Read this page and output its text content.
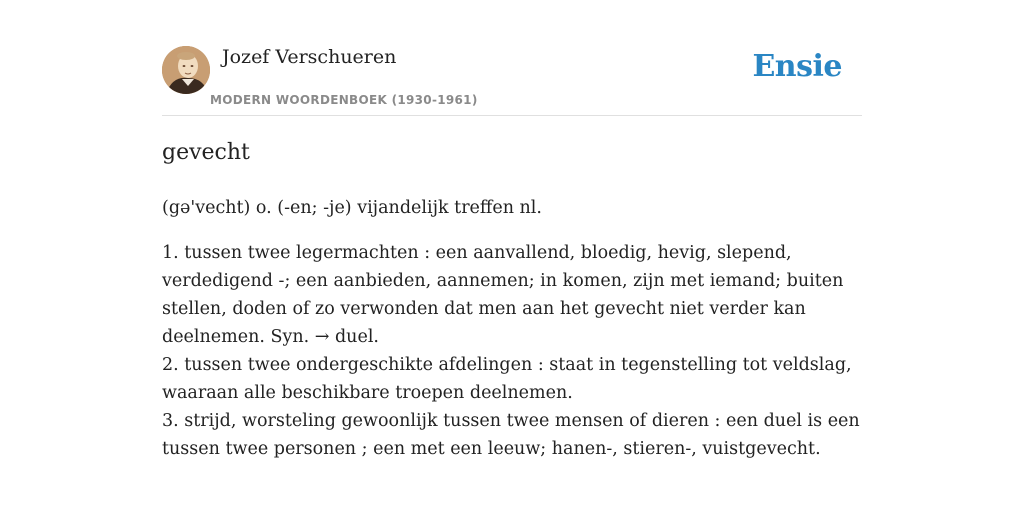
Jozef Verschueren
MODERN WOORDENBOEK (1930-1961)
Ensie
gevecht
(gə'vecht) o. (-en; -je) vijandelijk treffen nl.
1. tussen twee legermachten : een aanvallend, bloedig, hevig, slepend,
verdedigend -; een aanbieden, aannemen; in komen, zijn met iemand; buiten
stellen, doden of zo verwonden dat men aan het gevecht niet verder kan
deelnemen. Syn. → duel.
2. tussen twee ondergeschikte afdelingen : staat in tegenstelling tot veldslag,
waaraan alle beschikbare troepen deelnemen.
3. strijd, worsteling gewoonlijk tussen twee mensen of dieren : een duel is een
tussen twee personen ; een met een leeuw; hanen-, stieren-, vuistgevecht.
